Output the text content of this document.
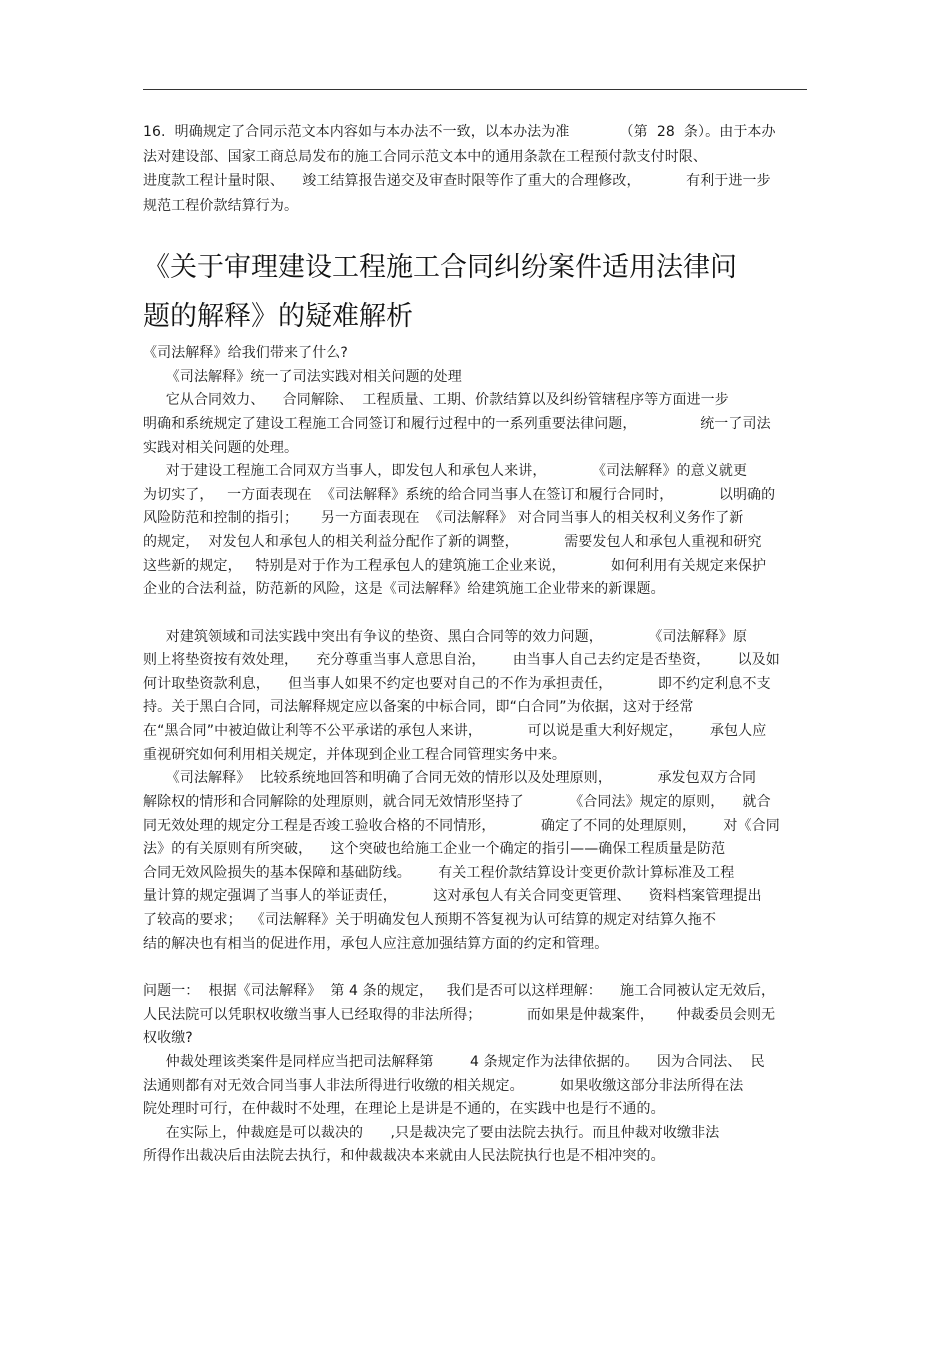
16.  明确规定了合同示范文本内容如与本办法不一致，以本办法为准           （第  28  条）。由于本办
法对建设部、国家工商总局发布的施工合同示范文本中的通用条款在工程预付款支付时限、
进度款工程计量时限、    竣工结算报告递交及审查时限等作了重大的合理修改，          有利于进一步
规范工程价款结算行为。
《关于审理建设工程施工合同纠纷案件适用法律问
题的解释》的疑难解析
《司法解释》给我们带来了什么?
《司法解释》统一了司法实践对相关问题的处理
它从合同效力、    合同解除、  工程质量、工期、价款结算以及纠纷管辖程序等方面进一步
明确和系统规定了建设工程施工合同签订和履行过程中的一系列重要法律问题，              统一了司法
实践对相关问题的处理。
对于建设工程施工合同双方当事人，即发包人和承包人来讲，          《司法解释》的意义就更
为切实了，   一方面表现在  《司法解释》系统的给合同当事人在签订和履行合同时，          以明确的
风险防范和控制的指引；     另一方面表现在  《司法解释》 对合同当事人的相关权利义务作了新
的规定，  对发包人和承包人的相关利益分配作了新的调整，          需要发包人和承包人重视和研究
这些新的规定，   特别是对于作为工程承包人的建筑施工企业来说，          如何利用有关规定来保护
企业的合法利益，防范新的风险，这是《司法解释》给建筑施工企业带来的新课题。
对建筑领域和司法实践中突出有争议的垫资、黑白合同等的效力问题，          《司法解释》原
则上将垫资按有效处理，    充分尊重当事人意思自治，      由当事人自己去约定是否垫资，      以及如
何计取垫资款利息，    但当事人如果不约定也要对自己的不作为承担责任，          即不约定利息不支
持。关于黑白合同，司法解释规定应以备案的中标合同，即“白合同”为依据，这对于经常
在“黑合同”中被迫做让利等不公平承诺的承包人来讲，          可以说是重大利好规定，      承包人应
重视研究如何利用相关规定，并体现到企业工程合同管理实务中来。
《司法解释》  比较系统地回答和明确了合同无效的情形以及处理原则，          承发包双方合同
解除权的情形和合同解除的处理原则，就合同无效情形坚持了          《合同法》规定的原则，    就合
同无效处理的规定分工程是否竣工验收合格的不同情形，          确定了不同的处理原则，      对《合同
法》的有关原则有所突破，    这个突破也给施工企业一个确定的指引——确保工程质量是防范
合同无效风险损失的基本保障和基础防线。      有关工程价款结算设计变更价款计算标准及工程
量计算的规定强调了当事人的举证责任，        这对承包人有关合同变更管理、    资料档案管理提出
了较高的要求；  《司法解释》关于明确发包人预期不答复视为认可结算的规定对结算久拖不
结的解决也有相当的促进作用，承包人应注意加强结算方面的约定和管理。
问题一：  根据《司法解释》  第 4 条的规定，   我们是否可以这样理解：    施工合同被认定无效后，
人民法院可以凭职权收缴当事人已经取得的非法所得；          而如果是仲裁案件，     仲裁委员会则无
权收缴?
仲裁处理该类案件是同样应当把司法解释第        4 条规定作为法律依据的。    因为合同法、  民
法通则都有对无效合同当事人非法所得进行收缴的相关规定。        如果收缴这部分非法所得在法
院处理时可行，在仲裁时不处理，在理论上是讲是不通的，在实践中也是行不通的。
在实际上，仲裁庭是可以裁决的      ,只是裁决完了要由法院去执行。而且仲裁对收缴非法
所得作出裁决后由法院去执行，和仲裁裁决本来就由人民法院执行也是不相冲突的。
